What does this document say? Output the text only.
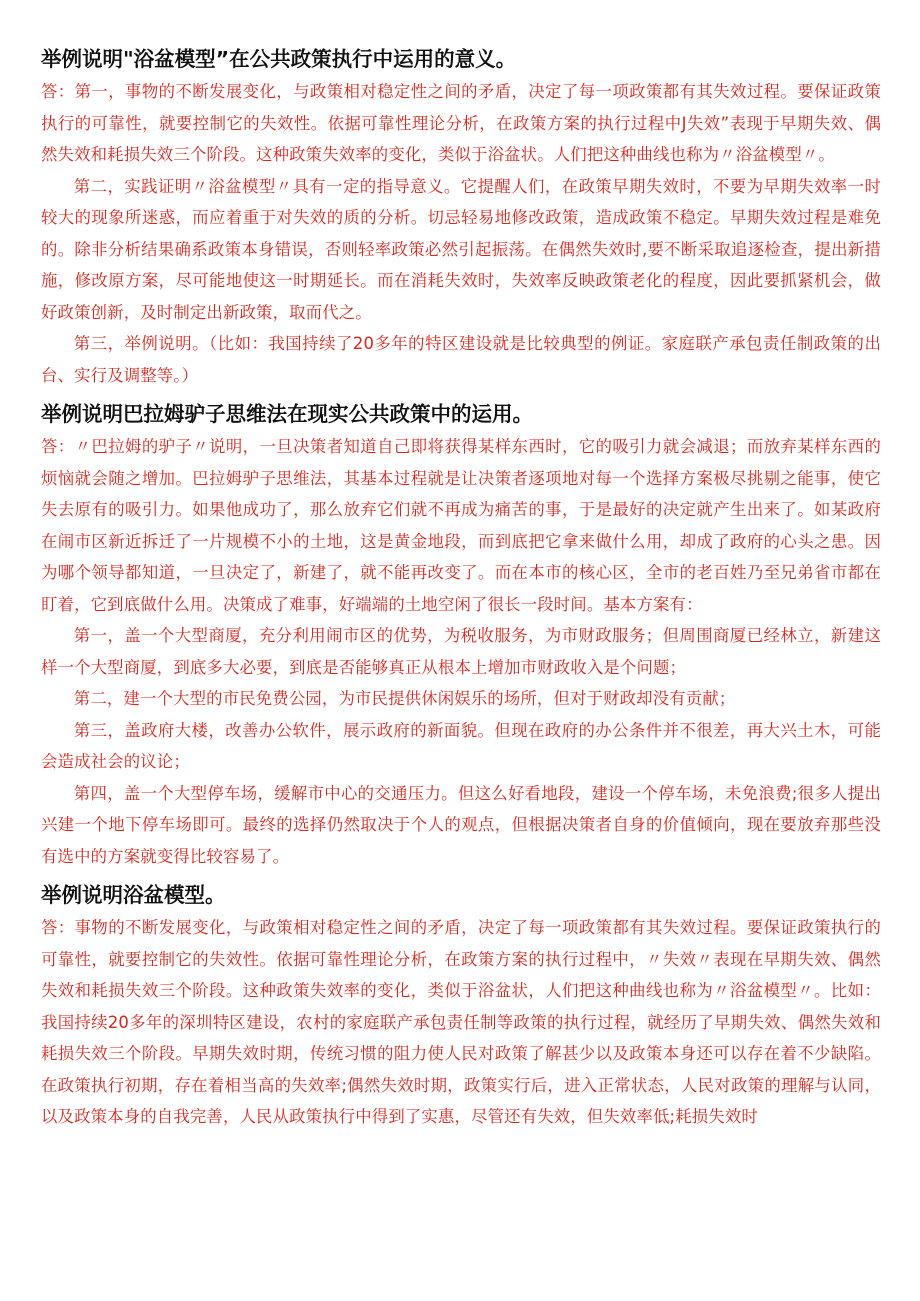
举例说明"浴盆模型”在公共政策执行中运用的意义。

答：第一，事物的不断发展变化，与政策相对稳定性之间的矛盾，决定了每一项政策都有其失效过程。要保证政策执行的可靠性，就要控制它的失效性。依据可靠性理论分析，在政策方案的执行过程中J失效”表现于早期失效、偶然失效和耗损失效三个阶段。这种政策失效率的变化，类似于浴盆状。人们把这种曲线也称为〃浴盆模型〃。

第二，实践证明〃浴盆模型〃具有一定的指导意义。它提醒人们，在政策早期失效时，不要为早期失效率一时较大的现象所迷惑，而应着重于对失效的质的分析。切忌轻易地修改政策，造成政策不稳定。早期失效过程是难免的。除非分析结果确系政策本身错误，否则轻率政策必然引起振荡。在偶然失效时,要不断采取追逐检查，提出新措施，修改原方案，尽可能地使这一时期延长。而在消耗失效时，失效率反映政策老化的程度，因此要抓紧机会，做好政策创新，及时制定出新政策，取而代之。

第三，举例说明。（比如：我国持续了20多年的特区建设就是比较典型的例证。家庭联产承包责任制政策的出台、实行及调整等。）

举例说明巴拉姆驴子思维法在现实公共政策中的运用。

答：〃巴拉姆的驴子〃说明，一旦决策者知道自己即将获得某样东西时，它的吸引力就会减退；而放弃某样东西的烦恼就会随之增加。巴拉姆驴子思维法，其基本过程就是让决策者逐项地对每一个选择方案极尽挑剔之能事，使它失去原有的吸引力。如果他成功了，那么放弃它们就不再成为痛苦的事，于是最好的决定就产生出来了。如某政府在闹市区新近拆迁了一片规模不小的土地，这是黄金地段，而到底把它拿来做什么用，却成了政府的心头之患。因为哪个领导都知道，一旦决定了，新建了，就不能再改变了。而在本市的核心区，全市的老百姓乃至兄弟省市都在盯着，它到底做什么用。决策成了难事，好端端的土地空闲了很长一段时间。基本方案有：

第一，盖一个大型商厦，充分利用闹市区的优势，为税收服务，为市财政服务；但周围商厦已经林立，新建这样一个大型商厦，到底多大必要，到底是否能够真正从根本上增加市财政收入是个问题；

第二，建一个大型的市民免费公园，为市民提供休闲娱乐的场所，但对于财政却没有贡献；

第三，盖政府大楼，改善办公软件，展示政府的新面貌。但现在政府的办公条件并不很差，再大兴土木，可能会造成社会的议论；

第四，盖一个大型停车场，缓解市中心的交通压力。但这么好看地段，建设一个停车场，未免浪费;很多人提出兴建一个地下停车场即可。最终的选择仍然取决于个人的观点，但根据决策者自身的价值倾向，现在要放弃那些没有选中的方案就变得比较容易了。

举例说明浴盆模型。

答：事物的不断发展变化，与政策相对稳定性之间的矛盾，决定了每一项政策都有其失效过程。要保证政策执行的可靠性，就要控制它的失效性。依据可靠性理论分析，在政策方案的执行过程中，〃失效〃表现在早期失效、偶然失效和耗损失效三个阶段。这种政策失效率的变化，类似于浴盆状，人们把这种曲线也称为〃浴盆模型〃。比如：我国持续20多年的深圳特区建设，农村的家庭联产承包责任制等政策的执行过程，就经历了早期失效、偶然失效和耗损失效三个阶段。早期失效时期，传统习惯的阻力使人民对政策了解甚少以及政策本身还可以存在着不少缺陷。在政策执行初期，存在着相当高的失效率;偶然失效时期，政策实行后，进入正常状态，人民对政策的理解与认同，以及政策本身的自我完善，人民从政策执行中得到了实惠，尽管还有失效，但失效率低;耗损失效时
